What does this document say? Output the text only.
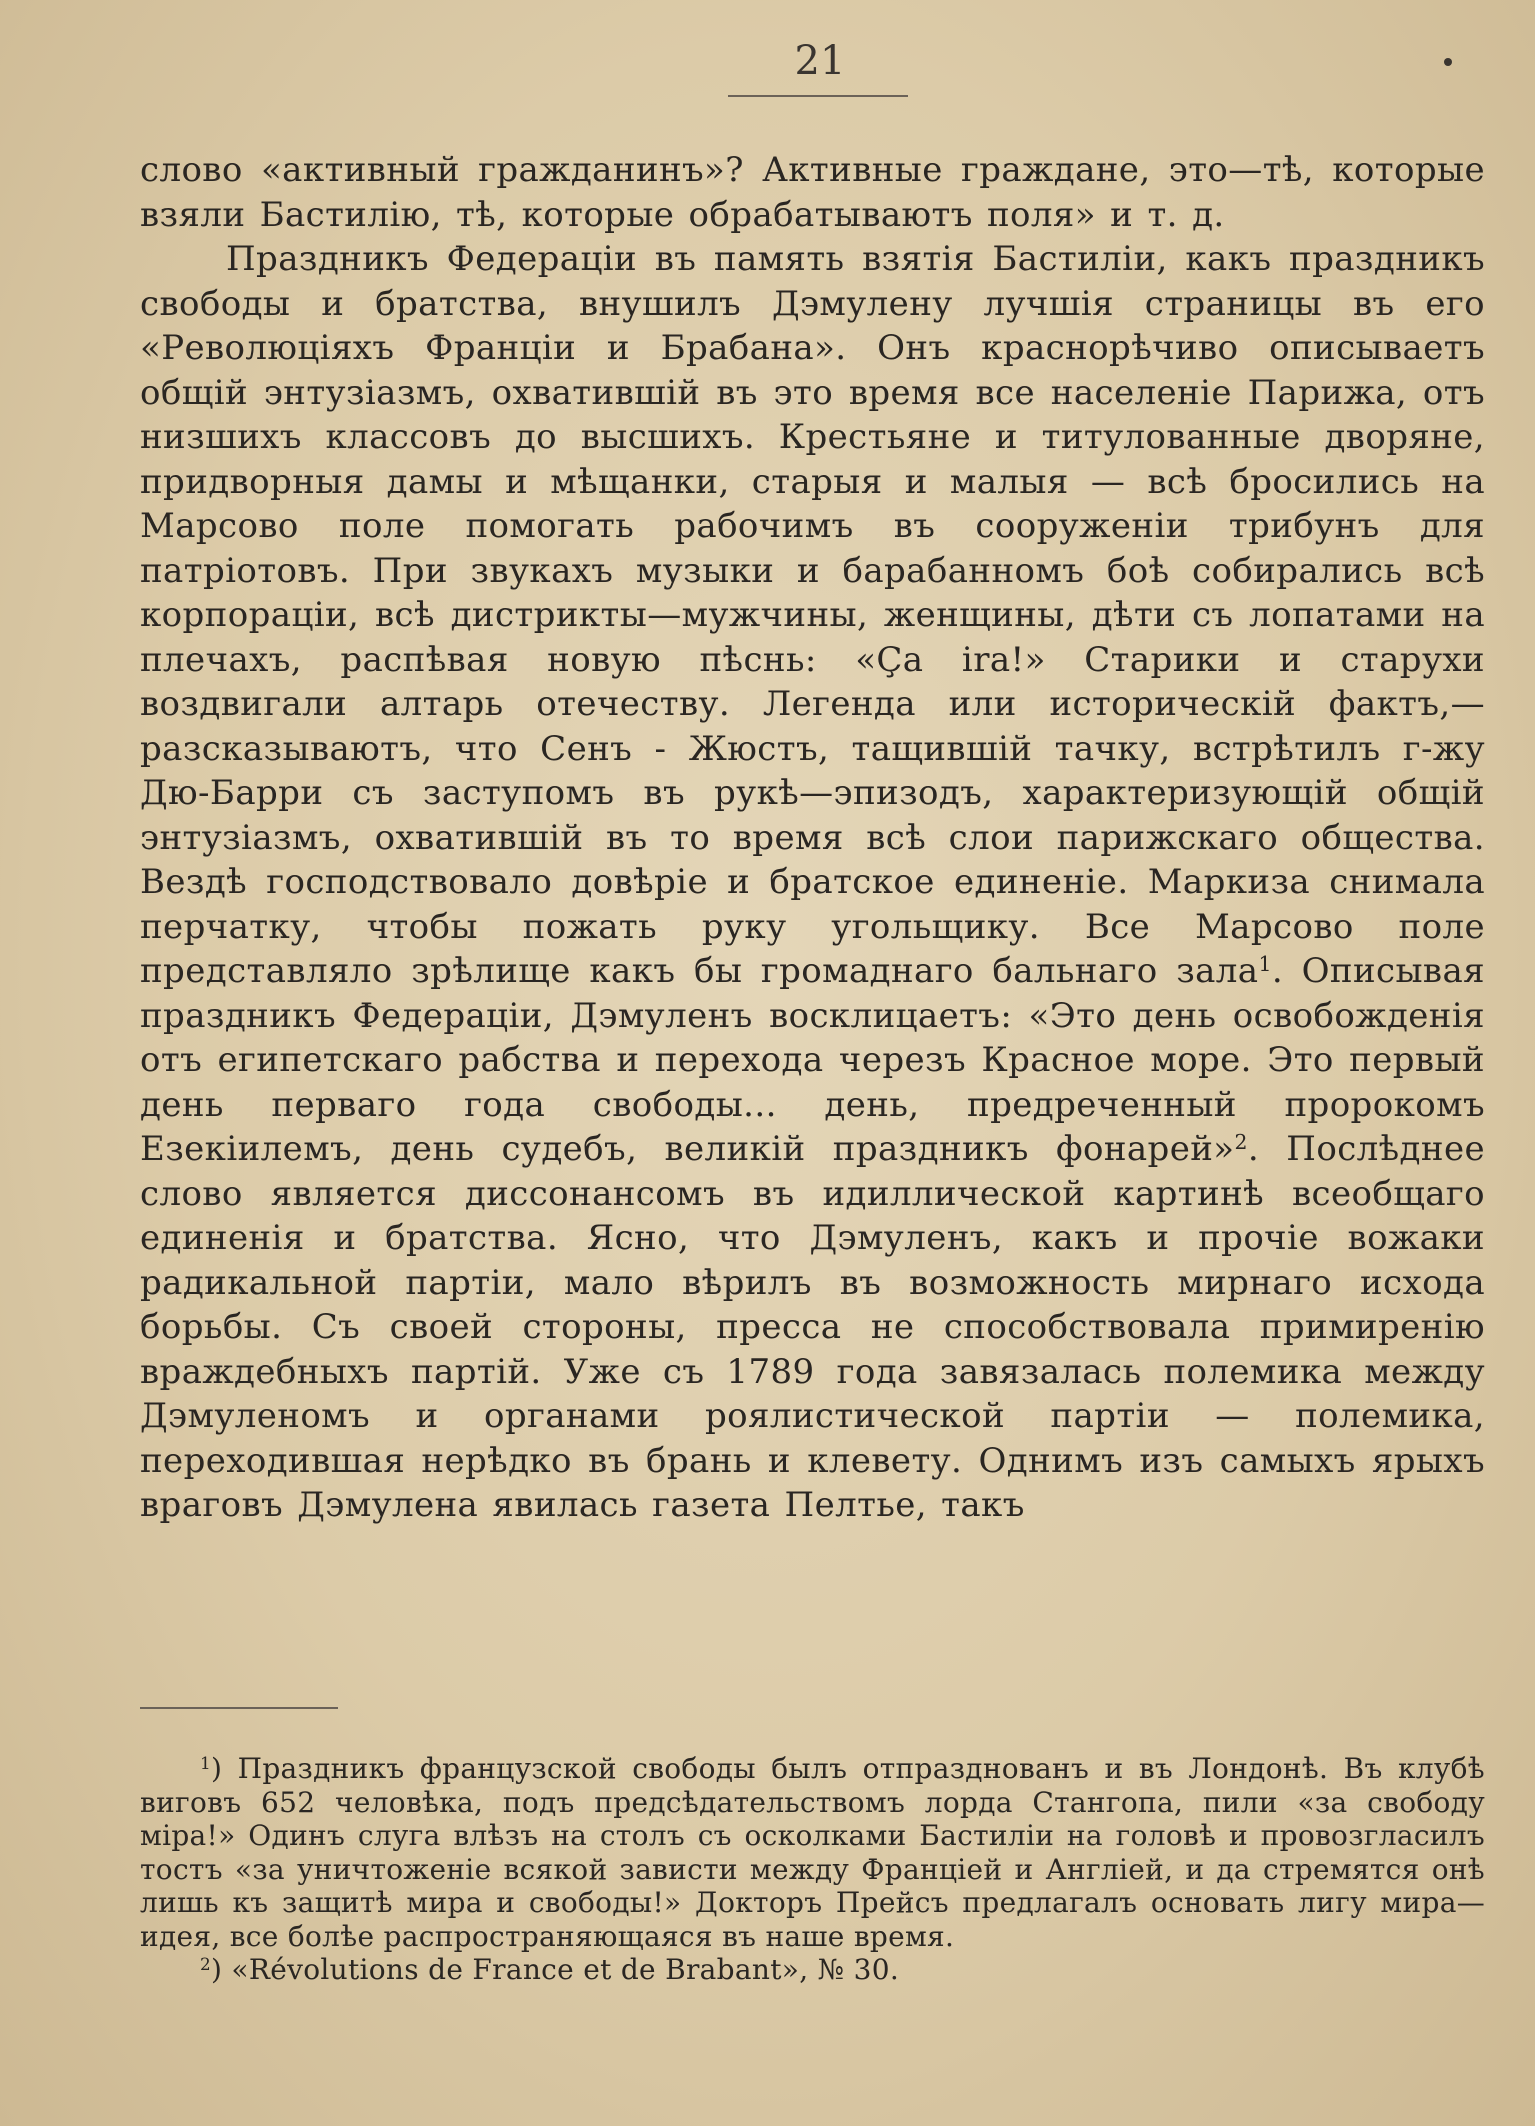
21

слово «активный гражданинъ»? Активные граждане, это—тѣ, которые взяли Бастилію, тѣ, которые обрабатываютъ поля» и т. д.

Праздникъ Федераціи въ память взятія Бастиліи, какъ праздникъ свободы и братства, внушилъ Дэмулену лучшія страницы въ его «Революціяхъ Франціи и Брабана». Онъ краснорѣчиво описываетъ общій энтузіазмъ, охватившій въ это время все населеніе Парижа, отъ низшихъ классовъ до высшихъ. Крестьяне и титулованные дворяне, придворныя дамы и мѣщанки, старыя и малыя — всѣ бросились на Марсово поле помогать рабочимъ въ сооруженіи трибунъ для патріотовъ. При звукахъ музыки и барабанномъ боѣ собирались всѣ корпораціи, всѣ дистрикты—мужчины, женщины, дѣти съ лопатами на плечахъ, распѣвая новую пѣснь: «Ça ira!» Старики и старухи воздвигали алтарь отечеству. Легенда или историческій фактъ,—разсказываютъ, что Сенъ - Жюстъ, тащившій тачку, встрѣтилъ г-жу Дю-Барри съ заступомъ въ рукѣ—эпизодъ, характеризующій общій энтузіазмъ, охватившій въ то время всѣ слои парижскаго общества. Вездѣ господствовало довѣріе и братское единеніе. Маркиза снимала перчатку, чтобы пожать руку угольщику. Все Марсово поле представляло зрѣлище какъ бы громаднаго бальнаго зала$^1$. Описывая праздникъ Федераціи, Дэмуленъ восклицаетъ: «Это день освобожденія отъ египетскаго рабства и перехода черезъ Красное море. Это первый день перваго года свободы... день, предреченный пророкомъ Езекіилемъ, день судебъ, великій праздникъ фонарей»$^2$. Послѣднее слово является диссонансомъ въ идиллической картинѣ всеобщаго единенія и братства. Ясно, что Дэмуленъ, какъ и прочіе вожаки радикальной партіи, мало вѣрилъ въ возможность мирнаго исхода борьбы. Съ своей стороны, пресса не способствовала примиренію враждебныхъ партій. Уже съ 1789 года завязалась полемика между Дэмуленомъ и органами роялистической партіи — полемика, переходившая нерѣдко въ брань и клевету. Однимъ изъ самыхъ ярыхъ враговъ Дэмулена явилась газета Пелтье, такъ

$^1$) Праздникъ французской свободы былъ отпразднованъ и въ Лондонѣ. Въ клубѣ виговъ 652 человѣка, подъ предсѣдательствомъ лорда Стангопа, пили «за свободу міра!» Одинъ слуга влѣзъ на столъ съ осколками Бастиліи на головѣ и провозгласилъ тостъ «за уничтоженіе всякой зависти между Франціей и Англіей, и да стремятся онѣ лишь къ защитѣ мира и свободы!» Докторъ Прейсъ предлагалъ основать лигу мира—идея, все болѣе распространяющаяся въ наше время.

$^2$) «Révolutions de France et de Brabant», № 30.
